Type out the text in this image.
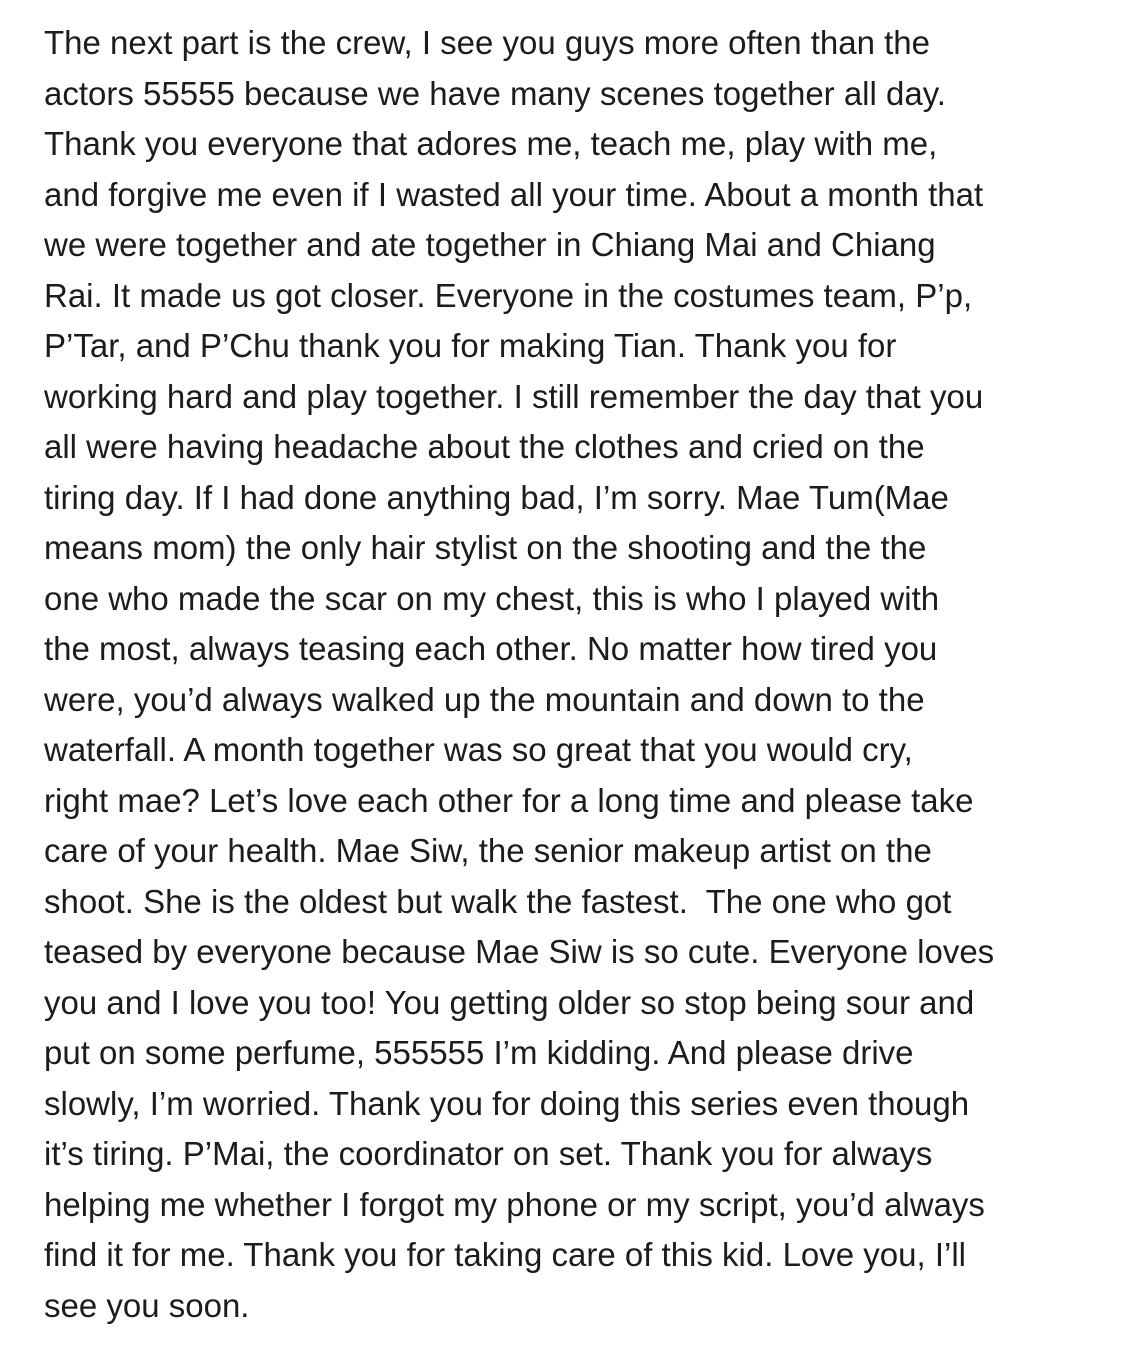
The next part is the crew, I see you guys more often than the
actors 55555 because we have many scenes together all day.
Thank you everyone that adores me, teach me, play with me,
and forgive me even if I wasted all your time. About a month that
we were together and ate together in Chiang Mai and Chiang
Rai. It made us got closer. Everyone in the costumes team, P’p,
P’Tar, and P’Chu thank you for making Tian. Thank you for
working hard and play together. I still remember the day that you
all were having headache about the clothes and cried on the
tiring day. If I had done anything bad, I’m sorry. Mae Tum(Mae
means mom) the only hair stylist on the shooting and the the
one who made the scar on my chest, this is who I played with
the most, always teasing each other. No matter how tired you
were, you’d always walked up the mountain and down to the
waterfall. A month together was so great that you would cry,
right mae? Let’s love each other for a long time and please take
care of your health. Mae Siw, the senior makeup artist on the
shoot. She is the oldest but walk the fastest.  The one who got
teased by everyone because Mae Siw is so cute. Everyone loves
you and I love you too! You getting older so stop being sour and
put on some perfume, 555555 I’m kidding. And please drive
slowly, I’m worried. Thank you for doing this series even though
it’s tiring. P’Mai, the coordinator on set. Thank you for always
helping me whether I forgot my phone or my script, you’d always
find it for me. Thank you for taking care of this kid. Love you, I’ll
see you soon.
